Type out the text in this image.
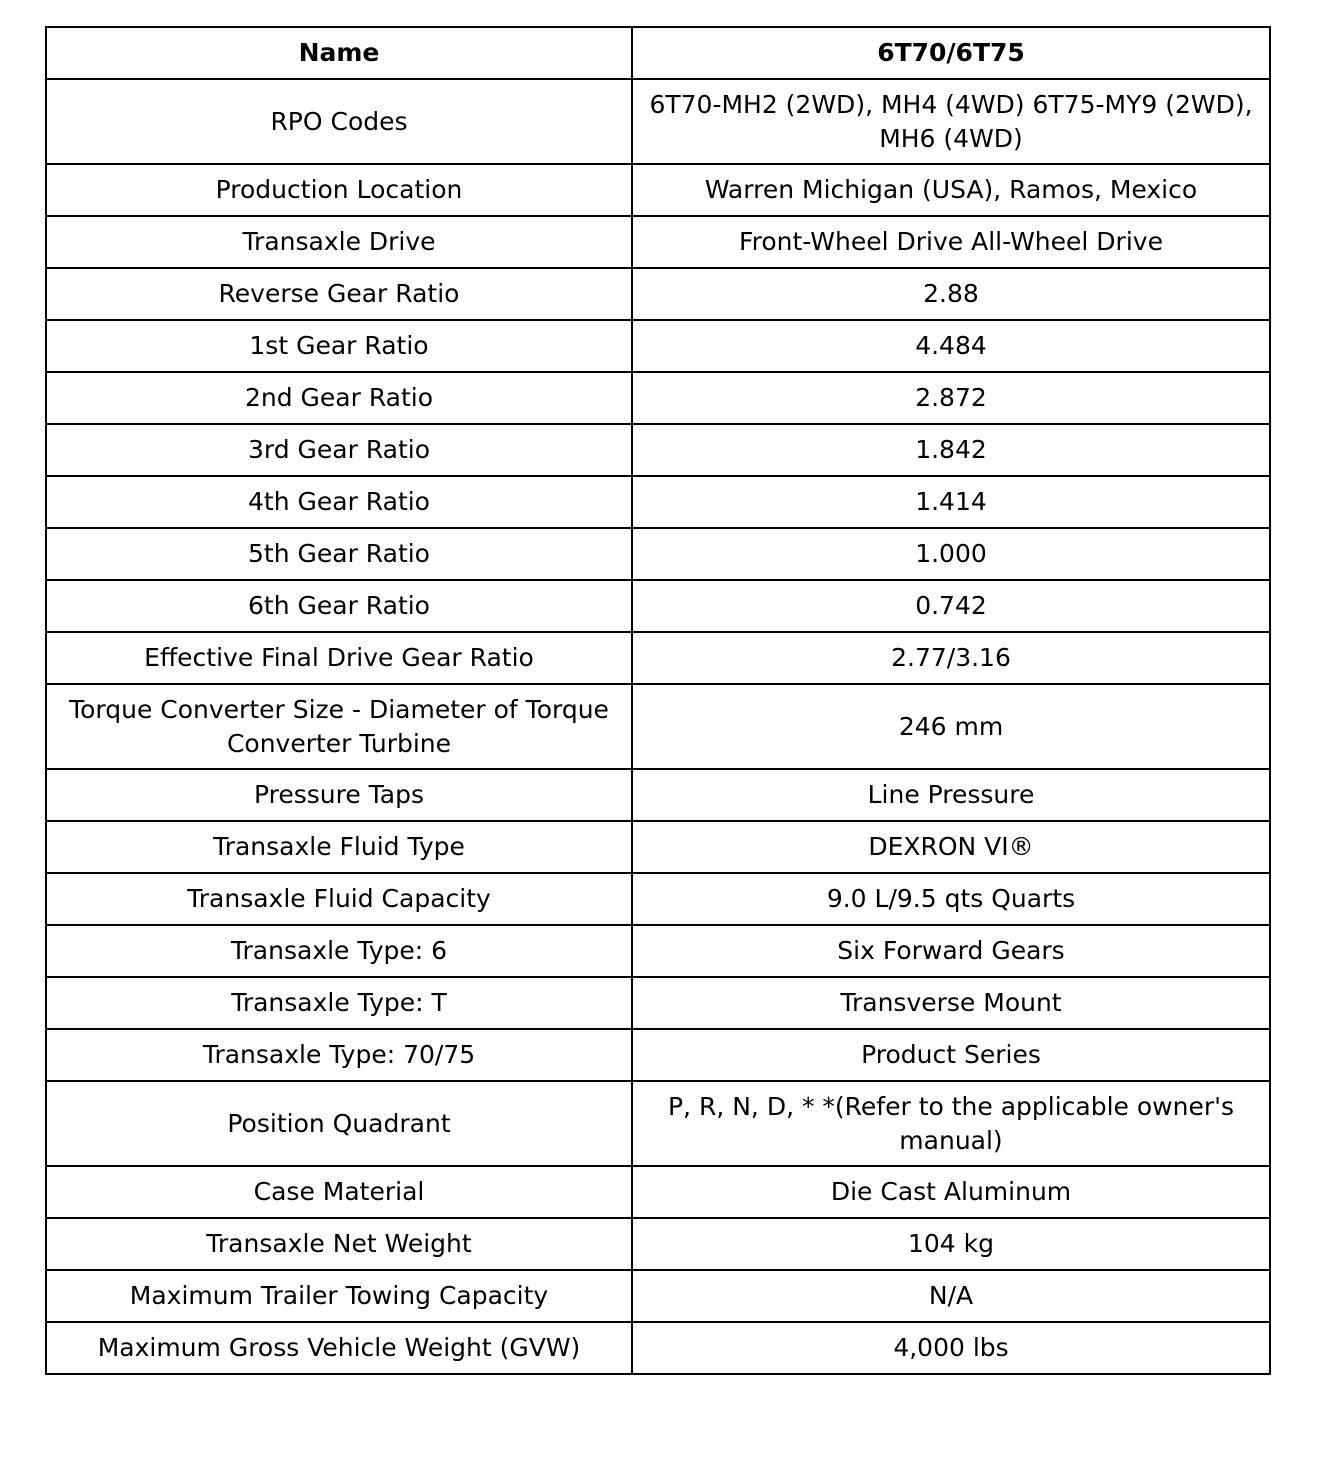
Name	6T70/6T75
RPO Codes	6T70-MH2 (2WD), MH4 (4WD) 6T75-MY9 (2WD), MH6 (4WD)
Production Location	Warren Michigan (USA), Ramos, Mexico
Transaxle Drive	Front-Wheel Drive All-Wheel Drive
Reverse Gear Ratio	2.88
1st Gear Ratio	4.484
2nd Gear Ratio	2.872
3rd Gear Ratio	1.842
4th Gear Ratio	1.414
5th Gear Ratio	1.000
6th Gear Ratio	0.742
Effective Final Drive Gear Ratio	2.77/3.16
Torque Converter Size - Diameter of Torque Converter Turbine	246 mm
Pressure Taps	Line Pressure
Transaxle Fluid Type	DEXRON VI®
Transaxle Fluid Capacity	9.0 L/9.5 qts Quarts
Transaxle Type: 6	Six Forward Gears
Transaxle Type: T	Transverse Mount
Transaxle Type: 70/75	Product Series
Position Quadrant	P, R, N, D, * *(Refer to the applicable owner's manual)
Case Material	Die Cast Aluminum
Transaxle Net Weight	104 kg
Maximum Trailer Towing Capacity	N/A
Maximum Gross Vehicle Weight (GVW)	4,000 lbs
